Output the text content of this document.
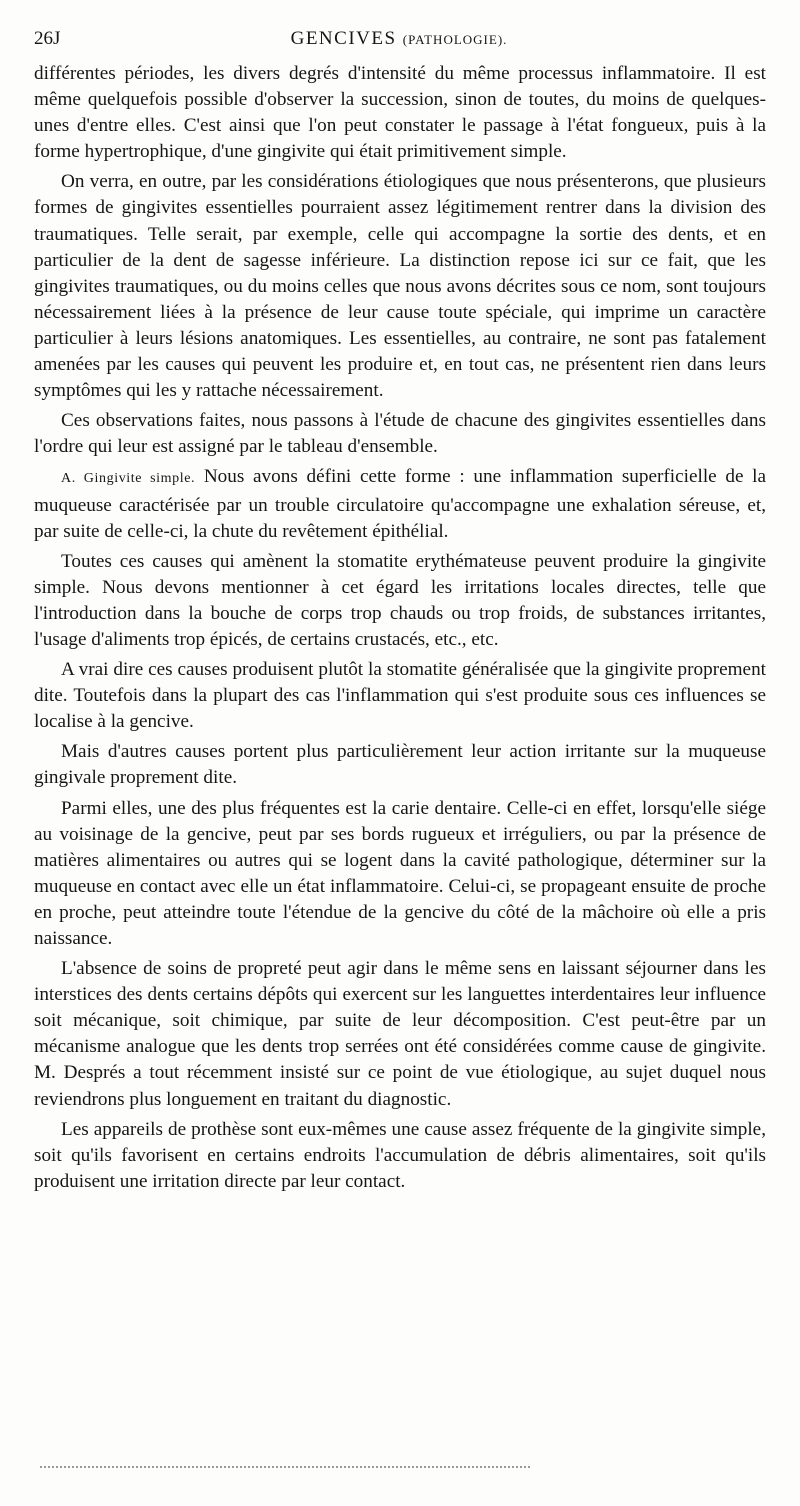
26J	GENCIVES (PATHOLOGIE).

différentes périodes, les divers degrés d'intensité du même processus inflammatoire. Il est même quelquefois possible d'observer la succession, sinon de toutes, du moins de quelques-unes d'entre elles. C'est ainsi que l'on peut constater le passage à l'état fongueux, puis à la forme hypertrophique, d'une gingivite qui était primitivement simple.

On verra, en outre, par les considérations étiologiques que nous présenterons, que plusieurs formes de gingivites essentielles pourraient assez légitimement rentrer dans la division des traumatiques. Telle serait, par exemple, celle qui accompagne la sortie des dents, et en particulier de la dent de sagesse inférieure. La distinction repose ici sur ce fait, que les gingivites traumatiques, ou du moins celles que nous avons décrites sous ce nom, sont toujours nécessairement liées à la présence de leur cause toute spéciale, qui imprime un caractère particulier à leurs lésions anatomiques. Les essentielles, au contraire, ne sont pas fatalement amenées par les causes qui peuvent les produire et, en tout cas, ne présentent rien dans leurs symptômes qui les y rattache nécessairement.

Ces observations faites, nous passons à l'étude de chacune des gingivites essentielles dans l'ordre qui leur est assigné par le tableau d'ensemble.

A. Gingivite simple. Nous avons défini cette forme : une inflammation superficielle de la muqueuse caractérisée par un trouble circulatoire qu'accompagne une exhalation séreuse, et, par suite de celle-ci, la chute du revêtement épithélial.

Toutes ces causes qui amènent la stomatite erythémateuse peuvent produire la gingivite simple. Nous devons mentionner à cet égard les irritations locales directes, telle que l'introduction dans la bouche de corps trop chauds ou trop froids, de substances irritantes, l'usage d'aliments trop épicés, de certains crustacés, etc., etc.

A vrai dire ces causes produisent plutôt la stomatite généralisée que la gingivite proprement dite. Toutefois dans la plupart des cas l'inflammation qui s'est produite sous ces influences se localise à la gencive.

Mais d'autres causes portent plus particulièrement leur action irritante sur la muqueuse gingivale proprement dite.

Parmi elles, une des plus fréquentes est la carie dentaire. Celle-ci en effet, lorsqu'elle siége au voisinage de la gencive, peut par ses bords rugueux et irréguliers, ou par la présence de matières alimentaires ou autres qui se logent dans la cavité pathologique, déterminer sur la muqueuse en contact avec elle un état inflammatoire. Celui-ci, se propageant ensuite de proche en proche, peut atteindre toute l'étendue de la gencive du côté de la mâchoire où elle a pris naissance.

L'absence de soins de propreté peut agir dans le même sens en laissant séjourner dans les interstices des dents certains dépôts qui exercent sur les languettes interdentaires leur influence soit mécanique, soit chimique, par suite de leur décomposition. C'est peut-être par un mécanisme analogue que les dents trop serrées ont été considérées comme cause de gingivite. M. Després a tout récemment insisté sur ce point de vue étiologique, au sujet duquel nous reviendrons plus longuement en traitant du diagnostic.

Les appareils de prothèse sont eux-mêmes une cause assez fréquente de la gingivite simple, soit qu'ils favorisent en certains endroits l'accumulation de débris alimentaires, soit qu'ils produisent une irritation directe par leur contact.
